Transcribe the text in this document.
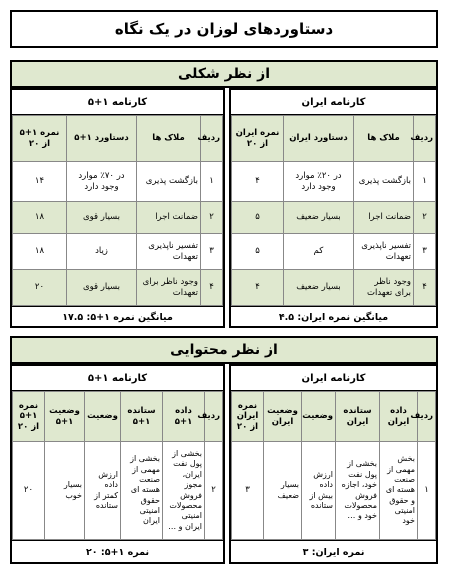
دستاوردهای لوزان در یک نگاه
از نظر شکلی
کارنامه ایران
ردیف	ملاک ها	دستاورد ایران	نمره ایران از ۲۰
۱	بازگشت پذیری	در ۲۰٪ موارد وجود دارد	۴
۲	ضمانت اجرا	بسیار ضعیف	۵
۳	تفسیر ناپذیری تعهدات	کم	۵
۴	وجود ناظر برای تعهدات	بسیار ضعیف	۴
میانگین نمره ایران: ۴.۵
کارنامه ۱+۵
ردیف	ملاک ها	دستاورد ۱+۵	نمره ۱+۵ از ۲۰
۱	بازگشت پذیری	در ۷۰٪ موارد وجود دارد	۱۴
۲	ضمانت اجرا	بسیار قوی	۱۸
۳	تفسیر ناپذیری تعهدات	زیاد	۱۸
۴	وجود ناظر برای تعهدات	بسیار قوی	۲۰
میانگین نمره ۱+۵: ۱۷.۵
از نظر محتوایی
کارنامه ایران
ردیف	داده ایران	ستانده ایران	وضعیت	وضعیت ایران	نمره ایران از ۲۰
۱	بخش مهمی از صنعت هسته ای و حقوق امنیتی خود	بخشی از پول نفت خود، اجازه فروش محصولات خود و …	ارزش داده بیش از ستانده	بسیار ضعیف	۳
نمره ایران: ۳
کارنامه ۱+۵
ردیف	داده ۱+۵	ستانده ۱+۵	وضعیت	وضعیت ۱+۵	نمره ۱+۵ از ۲۰
۲	بخشی از پول نفت ایران، مجوز فروش محصولات امنیتی ایران و …	بخشی از مهمی از صنعت هسته ای حقوق امنیتی ایران	ارزش داده کمتر از ستانده	بسیار خوب	۲۰
نمره ۱+۵: ۲۰
